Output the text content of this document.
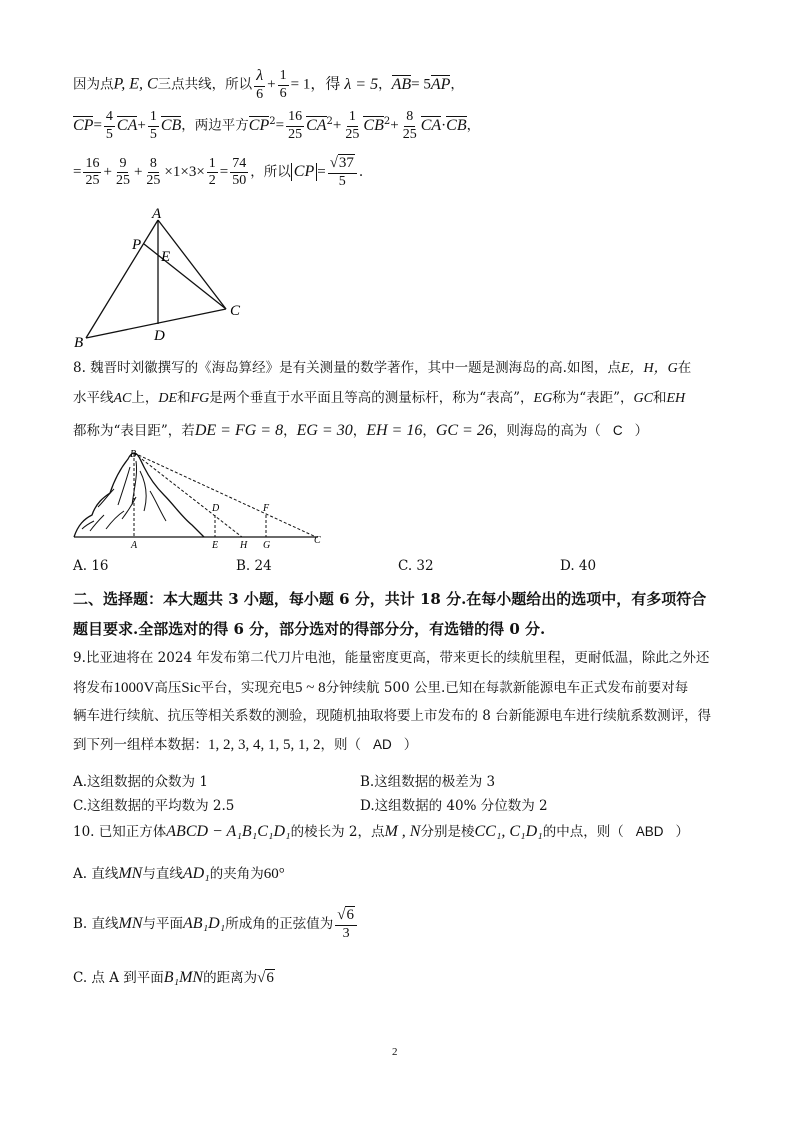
因为点P, E, C三点共线，所以 $\frac{\lambda}{6} + \frac{1}{6} = 1$，得 λ = 5，AB= 5AP，
$CP= \frac{4}{5} CA+ \frac{1}{5}$ CB，两边平方$CP^2= \frac{16}{25} CA^2+ \frac{1}{25} CB^2+ \frac{8}{25} CA\cdot CB$，
= $\frac{16}{25} + \frac{9}{25} + \frac{8}{25} \times 1\times 3\times \frac{1}{2} = \frac{74}{50}$ ，所以 CP = $\frac{√37}{5}$ .
A
P
E
C
D
B
8. 魏晋时刘徽撰写的《海岛算经》是有关测量的数学著作，其中一题是测海岛的高.如图，点E，H，G在
水平线AC上，DE和FG是两个垂直于水平面且等高的测量标杆，称为“表高”，EG称为“表距”，GC和EH
都称为“表目距”，若DE = FG = 8，EG = 30，EH = 16，GC = 26，则海岛的高为（ C ）
B
D	F
A	E H G	C
A. 16	B. 24	C. 32	D. 40
二、选择题：本大题共 3 小题，每小题 6 分，共计 18 分.在每小题给出的选项中，有多项符合
题目要求.全部选对的得 6 分，部分选对的得部分分，有选错的得 0 分.
9.比亚迪将在 2024 年发布第二代刀片电池，能量密度更高，带来更长的续航里程，更耐低温，除此之外还
将发布1000V高压Sic平台，实现充电5 ~ 8分钟续航 500 公里.已知在每款新能源电车正式发布前要对每
辆车进行续航、抗压等相关系数的测验，现随机抽取将要上市发布的 8 台新能源电车进行续航系数测评，得
到下列一组样本数据：1, 2, 3, 4, 1, 5, 1, 2，则（ AD ）
A.这组数据的众数为 1	B.这组数据的极差为 3
C.这组数据的平均数为 2.5	D.这组数据的 40% 分位数为 2
10. 已知正方体ABCD − A₁B₁C₁D₁的棱长为 2，点M , N分别是棱CC₁, C₁D₁的中点，则（ ABD ）
A. 直线MN与直线AD₁的夹角为60°
B. 直线MN与平面AB₁D₁所成角的正弦值为 $\frac{√6}{3}$
C. 点 A 到平面B₁MN的距离为√6
2
